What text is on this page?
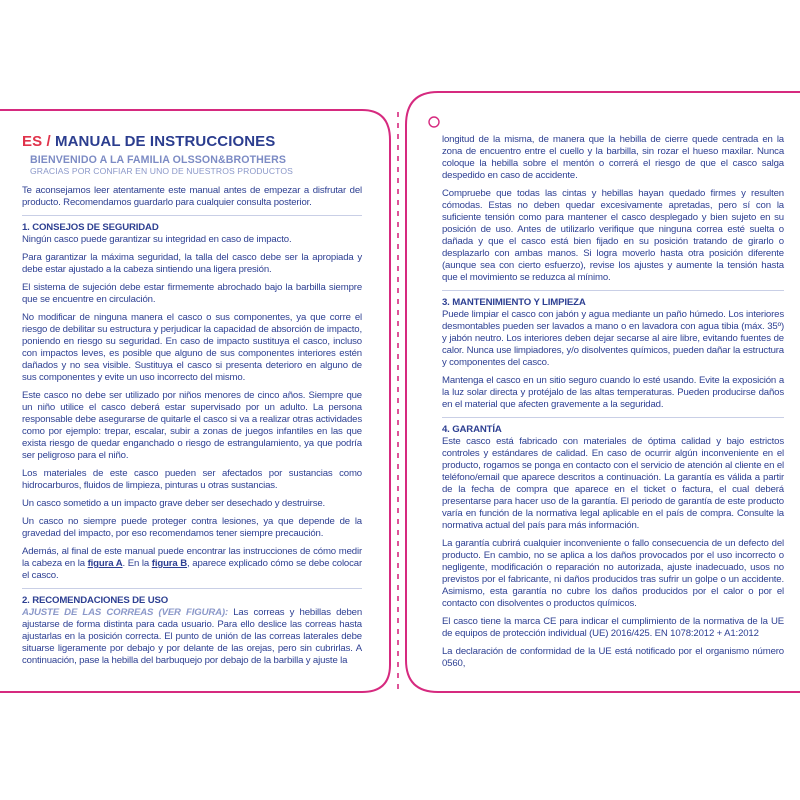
ES / MANUAL DE INSTRUCCIONES
BIENVENIDO A LA FAMILIA OLSSON&BROTHERS
GRACIAS POR CONFIAR EN UNO DE NUESTROS PRODUCTOS

Te aconsejamos leer atentamente este manual antes de empezar a disfrutar del producto. Recomendamos guardarlo para cualquier consulta posterior.

1. CONSEJOS DE SEGURIDAD

Ningún casco puede garantizar su integridad en caso de impacto.

Para garantizar la máxima seguridad, la talla del casco debe ser la apropiada y debe estar ajustado a la cabeza sintiendo una ligera presión.

El sistema de sujeción debe estar firmemente abrochado bajo la barbilla siempre que se encuentre en circulación.

No modificar de ninguna manera el casco o sus componentes, ya que corre el riesgo de debilitar su estructura y perjudicar la capacidad de absorción de impacto, poniendo en riesgo su seguridad. En caso de impacto sustituya el casco, incluso con impactos leves, es posible que alguno de sus componentes interiores estén dañados y no sea visible. Sustituya el casco si presenta deterioro en alguno de sus componentes y evite un uso incorrecto del mismo.

Este casco no debe ser utilizado por niños menores de cinco años. Siempre que un niño utilice el casco deberá estar supervisado por un adulto. La persona responsable debe asegurarse de quitarle el casco si va a realizar otras actividades como por ejemplo: trepar, escalar, subir a zonas de juegos infantiles en las que exista riesgo de quedar enganchado o riesgo de estrangulamiento, ya que podría ser peligroso para el niño.

Los materiales de este casco pueden ser afectados por sustancias como hidrocarburos, fluidos de limpieza, pinturas u otras sustancias.

Un casco sometido a un impacto grave deber ser desechado y destruirse.

Un casco no siempre puede proteger contra lesiones, ya que depende de la gravedad del impacto, por eso recomendamos tener siempre precaución.

Además, al final de este manual puede encontrar las instrucciones de cómo medir la cabeza en la figura A. En la figura B, aparece explicado cómo se debe colocar el casco.

2. RECOMENDACIONES DE USO

AJUSTE DE LAS CORREAS (VER FIGURA): Las correas y hebillas deben ajustarse de forma distinta para cada usuario. Para ello deslice las correas hasta ajustarlas en la posición correcta. El punto de unión de las correas laterales debe situarse ligeramente por debajo y por delante de las orejas, pero sin cubrirlas. A continuación, pase la hebilla del barbuquejo por debajo de la barbilla y ajuste la

longitud de la misma, de manera que la hebilla de cierre quede centrada en la zona de encuentro entre el cuello y la barbilla, sin rozar el hueso maxilar. Nunca coloque la hebilla sobre el mentón o correrá el riesgo de que el casco salga despedido en caso de accidente.

Compruebe que todas las cintas y hebillas hayan quedado firmes y resulten cómodas. Estas no deben quedar excesivamente apretadas, pero sí con la suficiente tensión como para mantener el casco desplegado y bien sujeto en su posición de uso. Antes de utilizarlo verifique que ninguna correa esté suelta o dañada y que el casco está bien fijado en su posición tratando de girarlo o desplazarlo con ambas manos. Si logra moverlo hasta otra posición diferente (aunque sea con cierto esfuerzo), revise los ajustes y aumente la tensión hasta que el movimiento se reduzca al mínimo.

3. MANTENIMIENTO Y LIMPIEZA

Puede limpiar el casco con jabón y agua mediante un paño húmedo. Los interiores desmontables pueden ser lavados a mano o en lavadora con agua tibia (máx. 35º) y jabón neutro. Los interiores deben dejar secarse al aire libre, evitando fuentes de calor. Nunca use limpiadores, y/o disolventes químicos, pueden dañar la estructura y componentes del casco.

Mantenga el casco en un sitio seguro cuando lo esté usando. Evite la exposición a la luz solar directa y protéjalo de las altas temperaturas. Pueden producirse daños en el material que afecten gravemente a la seguridad.

4. GARANTÍA

Este casco está fabricado con materiales de óptima calidad y bajo estrictos controles y estándares de calidad. En caso de ocurrir algún inconveniente en el producto, rogamos se ponga en contacto con el servicio de atención al cliente en el teléfono/email que aparece descritos a continuación. La garantía es válida a partir de la fecha de compra que aparece en el ticket o factura, el cual deberá presentarse para hacer uso de la garantía. El periodo de garantía de este producto varía en función de la normativa legal aplicable en el país de compra. Consulte la normativa actual del país para más información.

La garantía cubrirá cualquier inconveniente o fallo consecuencia de un defecto del producto. En cambio, no se aplica a los daños provocados por el uso incorrecto o negligente, modificación o reparación no autorizada, ajuste inadecuado, usos no previstos por el fabricante, ni daños producidos tras sufrir un golpe o un accidente. Asimismo, esta garantía no cubre los daños producidos por el calor o por el contacto con disolventes o productos químicos.

El casco tiene la marca CE para indicar el cumplimiento de la normativa de la UE de equipos de protección individual (UE) 2016/425. EN 1078:2012 + A1:2012

La declaración de conformidad de la UE está notificado por el organismo número 0560,
